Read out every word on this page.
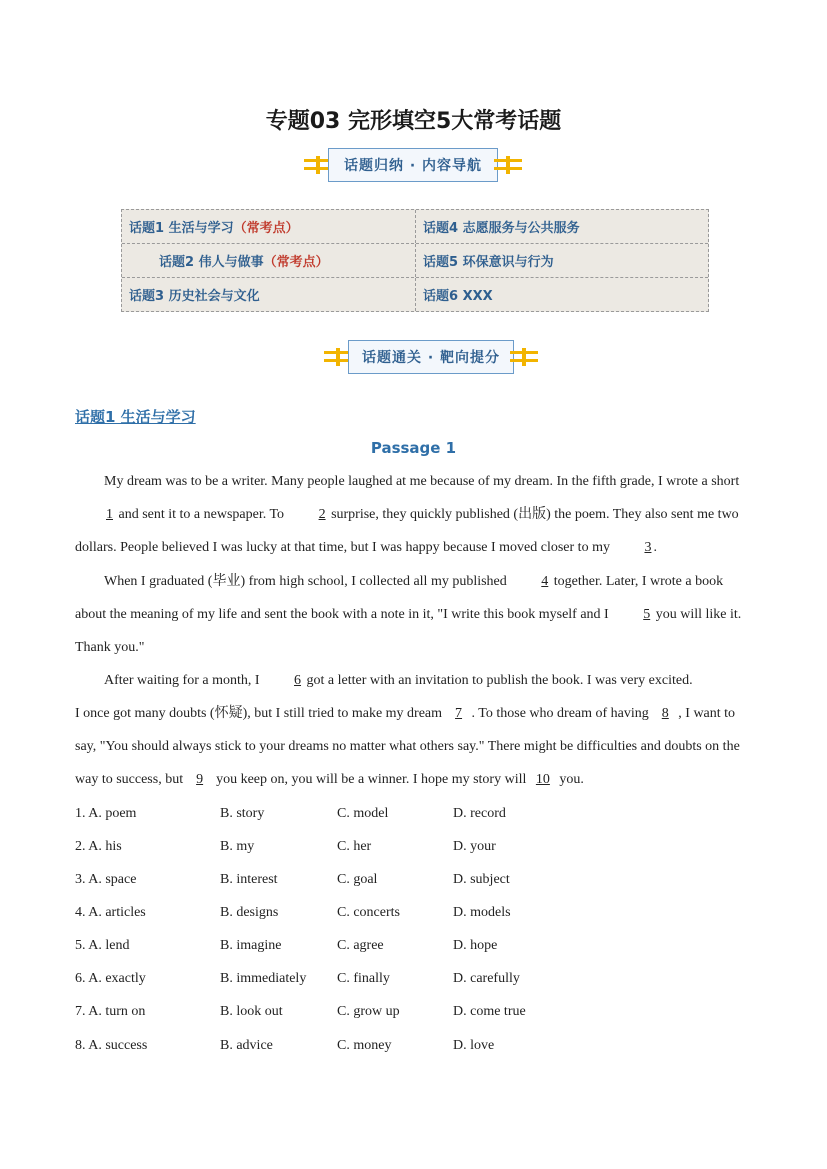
专题03 完形填空5大常考话题
话题归纳 · 内容导航
话题1 生活与学习 （常考点）	话题4 志愿服务与公共服务
话题2 伟人与做事 （常考点）	话题5 环保意识与行为
话题3 历史社会与文化	话题6 XXX
话题通关 · 靶向提分
话题1 生活与学习
Passage 1
My dream was to be a writer. Many people laughed at me because of my dream. In the fifth grade, I wrote a short 1 and sent it to a newspaper. To 2 surprise, they quickly published (出版) the poem. They also sent me two dollars. People believed I was lucky at that time, but I was happy because I moved closer to my 3 .
When I graduated (毕业) from high school, I collected all my published 4 together. Later, I wrote a book about the meaning of my life and sent the book with a note in it, "I write this book myself and I 5 you will like it. Thank you."
After waiting for a month, I 6 got a letter with an invitation to publish the book. I was very excited.
I once got many doubts (怀疑), but I still tried to make my dream 7 . To those who dream of having 8 , I want to say, "You should always stick to your dreams no matter what others say." There might be difficulties and doubts on the way to success, but 9 you keep on, you will be a winner. I hope my story will 10 you.
1. A. poem	B. story	C. model	D. record
2. A. his	B. my	C. her	D. your
3. A. space	B. interest	C. goal	D. subject
4. A. articles	B. designs	C. concerts	D. models
5. A. lend	B. imagine	C. agree	D. hope
6. A. exactly	B. immediately C. finally	D. carefully
7. A. turn on	B. look out	C. grow up	D. come true
8. A. success	B. advice	C. money	D. love
